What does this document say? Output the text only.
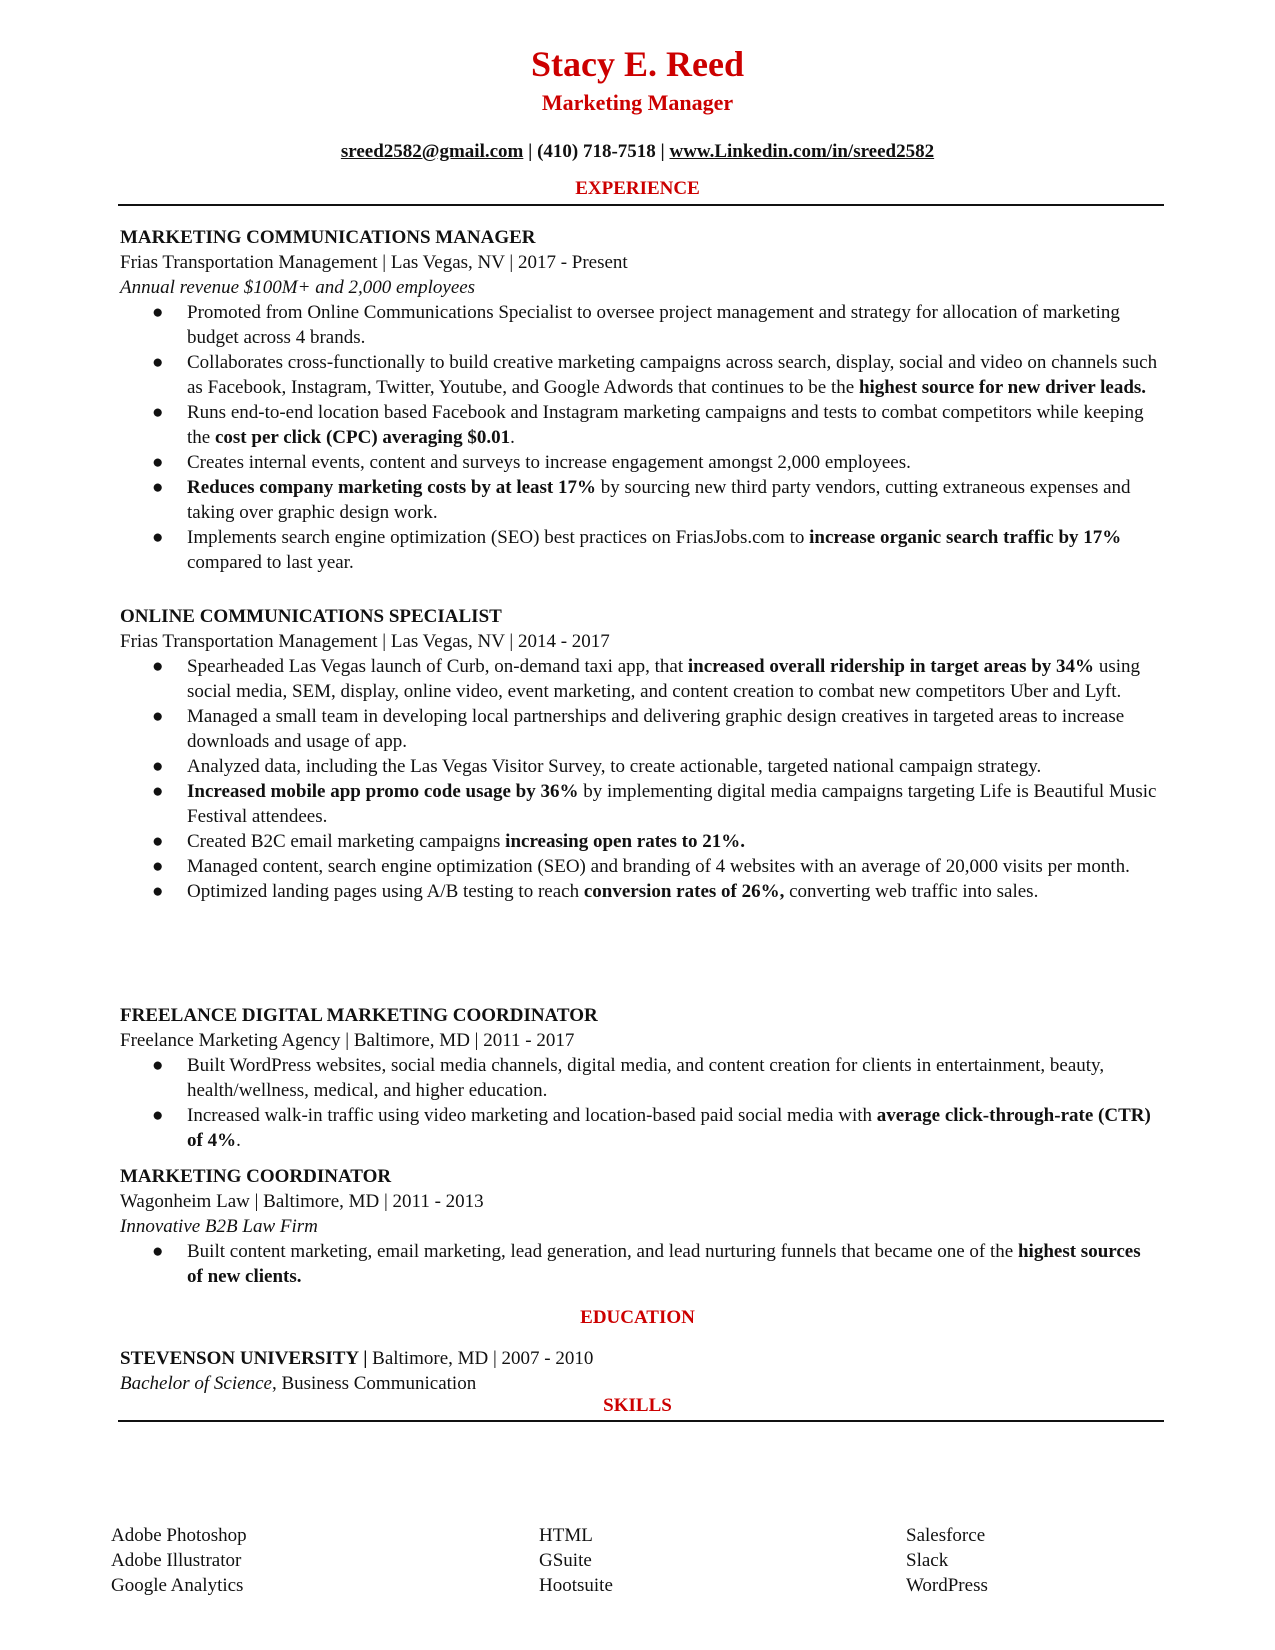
Stacy E. Reed
Marketing Manager
sreed2582@gmail.com | (410) 718-7518 | www.Linkedin.com/in/sreed2582
EXPERIENCE
MARKETING COMMUNICATIONS MANAGER
Frias Transportation Management | Las Vegas, NV | 2017 - Present
Annual revenue $100M+ and 2,000 employees
● Promoted from Online Communications Specialist to oversee project management and strategy for allocation of marketing budget across 4 brands.
● Collaborates cross-functionally to build creative marketing campaigns across search, display, social and video on channels such as Facebook, Instagram, Twitter, Youtube, and Google Adwords that continues to be the highest source for new driver leads.
● Runs end-to-end location based Facebook and Instagram marketing campaigns and tests to combat competitors while keeping the cost per click (CPC) averaging $0.01.
● Creates internal events, content and surveys to increase engagement amongst 2,000 employees.
● Reduces company marketing costs by at least 17% by sourcing new third party vendors, cutting extraneous expenses and taking over graphic design work.
● Implements search engine optimization (SEO) best practices on FriasJobs.com to increase organic search traffic by 17% compared to last year.
ONLINE COMMUNICATIONS SPECIALIST
Frias Transportation Management | Las Vegas, NV | 2014 - 2017
● Spearheaded Las Vegas launch of Curb, on-demand taxi app, that increased overall ridership in target areas by 34% using social media, SEM, display, online video, event marketing, and content creation to combat new competitors Uber and Lyft.
● Managed a small team in developing local partnerships and delivering graphic design creatives in targeted areas to increase downloads and usage of app.
● Analyzed data, including the Las Vegas Visitor Survey, to create actionable, targeted national campaign strategy.
● Increased mobile app promo code usage by 36% by implementing digital media campaigns targeting Life is Beautiful Music Festival attendees.
● Created B2C email marketing campaigns increasing open rates to 21%.
● Managed content, search engine optimization (SEO) and branding of 4 websites with an average of 20,000 visits per month.
● Optimized landing pages using A/B testing to reach conversion rates of 26%, converting web traffic into sales.
FREELANCE DIGITAL MARKETING COORDINATOR
Freelance Marketing Agency | Baltimore, MD | 2011 - 2017
● Built WordPress websites, social media channels, digital media, and content creation for clients in entertainment, beauty, health/wellness, medical, and higher education.
● Increased walk-in traffic using video marketing and location-based paid social media with average click-through-rate (CTR) of 4%.
MARKETING COORDINATOR
Wagonheim Law | Baltimore, MD | 2011 - 2013
Innovative B2B Law Firm
● Built content marketing, email marketing, lead generation, and lead nurturing funnels that became one of the highest sources of new clients.
EDUCATION
STEVENSON UNIVERSITY | Baltimore, MD | 2007 - 2010
Bachelor of Science, Business Communication
SKILLS
Adobe Photoshop
Adobe Illustrator
Google Analytics
HTML
GSuite
Hootsuite
Salesforce
Slack
WordPress
